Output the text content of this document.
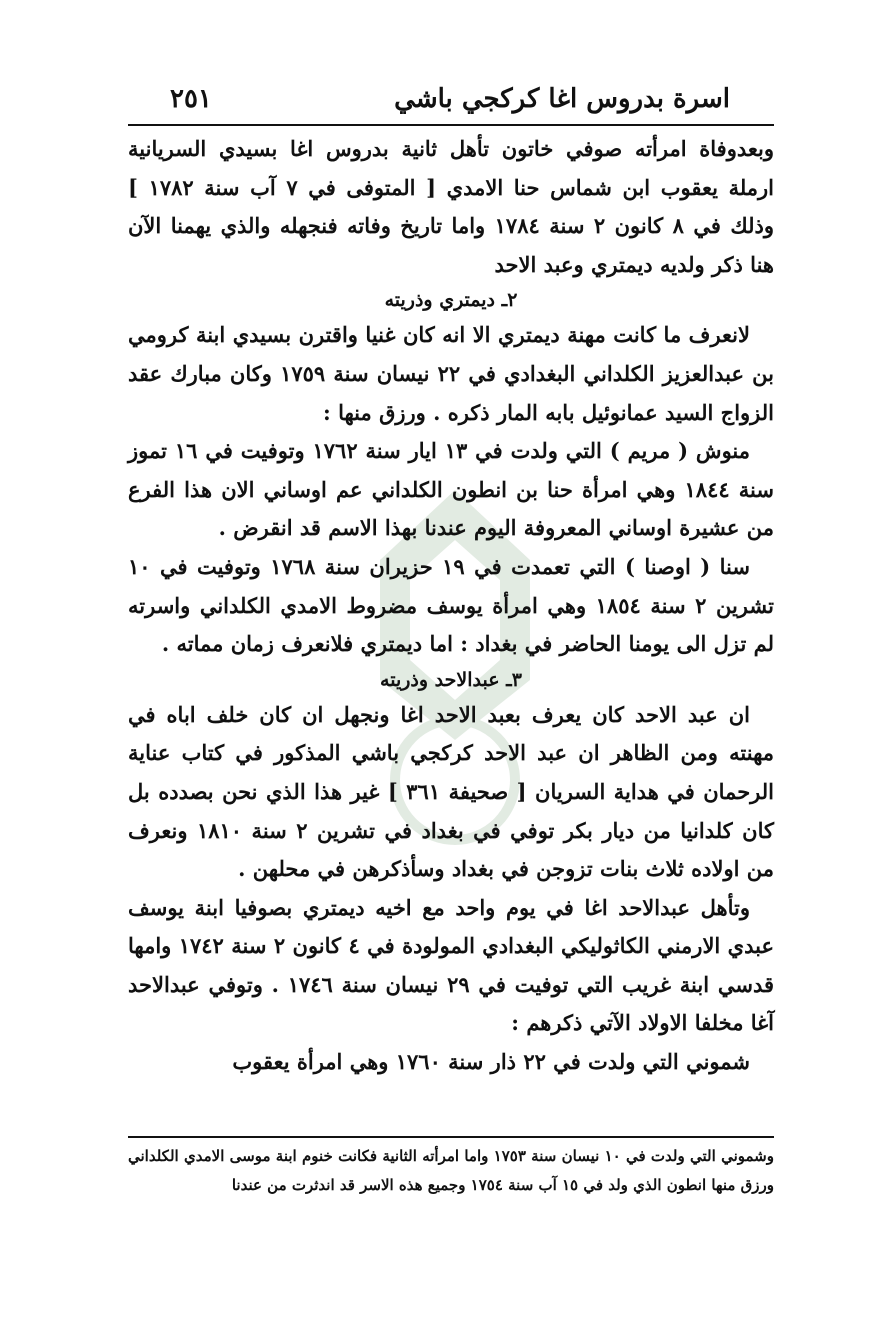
اسرة بدروس اغا كركجي باشي
٢٥١

وبعدوفاة امرأته صوفي خاتون تأهل ثانية بدروس اغا بسيدي السريانية ارملة يعقوب ابن شماس حنا الامدي [ المتوفى في ٧ آب سنة ١٧٨٢ ] وذلك في ٨ كانون ٢ سنة ١٧٨٤ واما تاريخ وفاته فنجهله والذي يهمنا الآن هنا ذكر ولديه ديمتري وعبد الاحد

٢ـ ديمتري وذريته

لانعرف ما كانت مهنة ديمتري الا انه كان غنيا واقترن بسيدي ابنة كرومي بن عبدالعزيز الكلداني البغدادي في ٢٢ نيسان سنة ١٧٥٩ وكان مبارك عقد الزواج السيد عمانوئيل بابه المار ذكره . ورزق منها :

منوش ( مريم ) التي ولدت في ١٣ ايار سنة ١٧٦٢ وتوفيت في ١٦ تموز سنة ١٨٤٤ وهي امرأة حنا بن انطون الكلداني عم اوساني الان هذا الفرع من عشيرة اوساني المعروفة اليوم عندنا بهذا الاسم قد انقرض .

سنا ( اوصنا ) التي تعمدت في ١٩ حزيران سنة ١٧٦٨ وتوفيت في ١٠ تشرين ٢ سنة ١٨٥٤ وهي امرأة يوسف مضروط الامدي الكلداني واسرته لم تزل الى يومنا الحاضر في بغداد : اما ديمتري فلانعرف زمان مماته .

٣ـ عبدالاحد وذريته

ان عبد الاحد كان يعرف بعبد الاحد اغا ونجهل ان كان خلف اباه في مهنته ومن الظاهر ان عبد الاحد كركجي باشي المذكور في كتاب عناية الرحمان في هداية السريان [ صحيفة ٣٦١ ] غير هذا الذي نحن بصدده بل كان كلدانيا من ديار بكر توفي في بغداد في تشرين ٢ سنة ١٨١٠ ونعرف من اولاده ثلاث بنات تزوجن في بغداد وسأذكرهن في محلهن .

وتأهل عبدالاحد اغا في يوم واحد مع اخيه ديمتري بصوفيا ابنة يوسف عبدي الارمني الكاثوليكي البغدادي المولودة في ٤ كانون ٢ سنة ١٧٤٢ وامها قدسي ابنة غريب التي توفيت في ٢٩ نيسان سنة ١٧٤٦ . وتوفي عبدالاحد آغا مخلفا الاولاد الآتي ذكرهم :

شموني التي ولدت في ٢٢ ذار سنة ١٧٦٠ وهي امرأة يعقوب

وشموني التي ولدت في ١٠ نيسان سنة ١٧٥٣ واما امرأته الثانية فكانت خنوم ابنة موسى الامدي الكلداني ورزق منها انطون الذي ولد في ١٥ آب سنة ١٧٥٤ وجميع هذه الاسر قد اندثرت من عندنا
